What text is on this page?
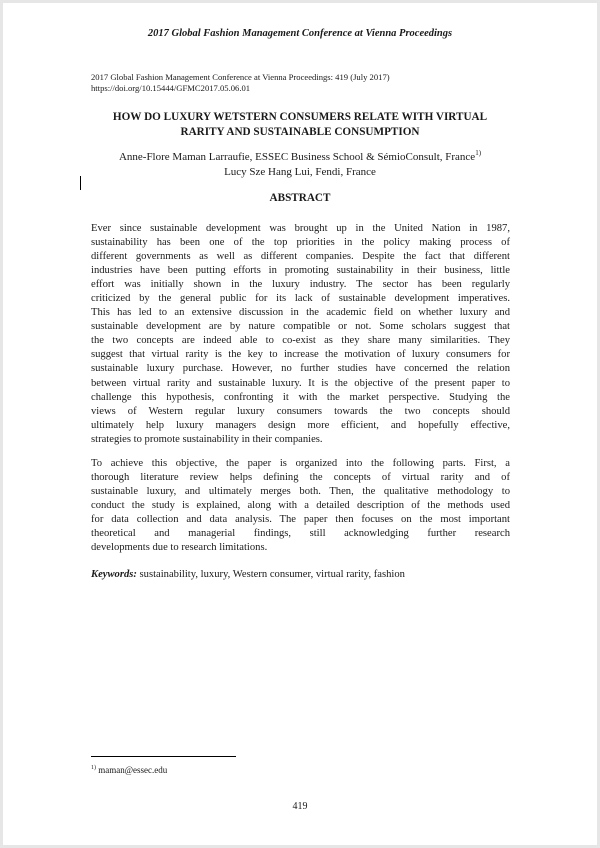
2017 Global Fashion Management Conference at Vienna Proceedings
2017 Global Fashion Management Conference at Vienna Proceedings: 419 (July 2017)
https://doi.org/10.15444/GFMC2017.05.06.01
HOW DO LUXURY WETSTERN CONSUMERS RELATE WITH VIRTUAL
RARITY AND SUSTAINABLE CONSUMPTION
Anne-Flore Maman Larraufie, ESSEC Business School & SémioConsult, France$^{1)}$
Lucy Sze Hang Lui, Fendi, France
ABSTRACT
Ever since sustainable development was brought up in the United Nation in 1987,
sustainability has been one of the top priorities in the policy making process of
different governments as well as different companies. Despite the fact that different
industries have been putting efforts in promoting sustainability in their business, little
effort was initially shown in the luxury industry. The sector has been regularly
criticized by the general public for its lack of sustainable development imperatives.
This has led to an extensive discussion in the academic field on whether luxury and
sustainable development are by nature compatible or not. Some scholars suggest that
the two concepts are indeed able to co-exist as they share many similarities. They
suggest that virtual rarity is the key to increase the motivation of luxury consumers for
sustainable luxury purchase. However, no further studies have concerned the relation
between virtual rarity and sustainable luxury. It is the objective of the present paper to
challenge this hypothesis, confronting it with the market perspective. Studying the
views of Western regular luxury consumers towards the two concepts should
ultimately help luxury managers design more efficient, and hopefully effective,
strategies to promote sustainability in their companies.
To achieve this objective, the paper is organized into the following parts. First, a
thorough literature review helps defining the concepts of virtual rarity and of
sustainable luxury, and ultimately merges both. Then, the qualitative methodology to
conduct the study is explained, along with a detailed description of the methods used
for data collection and data analysis. The paper then focuses on the most important
theoretical and managerial findings, still acknowledging further research
developments due to research limitations.
Keywords: sustainability, luxury, Western consumer, virtual rarity, fashion
$^{1)}$ maman@essec.edu
419
